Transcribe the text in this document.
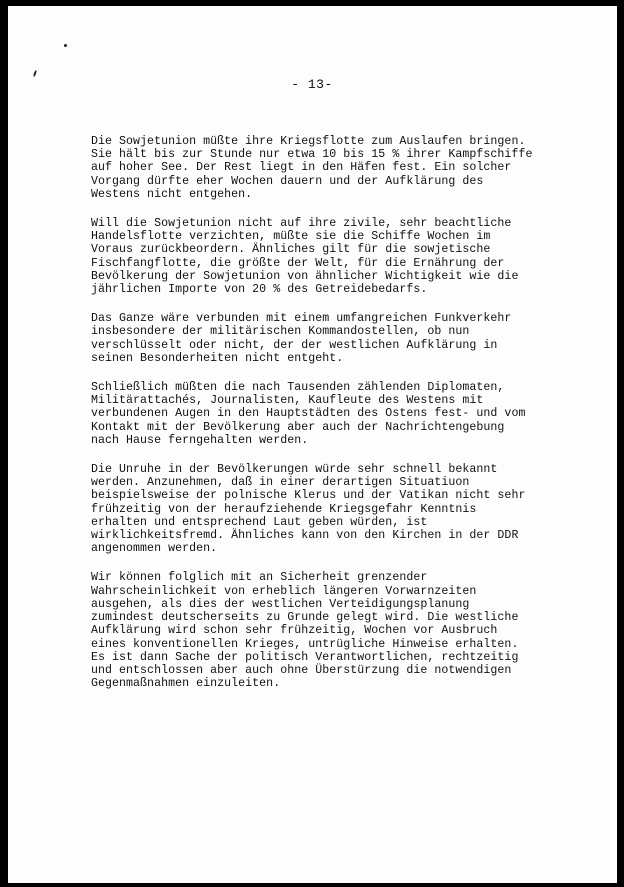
- 13-
Die Sowjetunion müßte ihre Kriegsflotte zum Auslaufen bringen.
Sie hält bis zur Stunde nur etwa 10 bis 15 % ihrer Kampfschiffe
auf hoher See. Der Rest liegt in den Häfen fest. Ein solcher
Vorgang dürfte eher Wochen dauern und der Aufklärung des
Westens nicht entgehen.
Will die Sowjetunion nicht auf ihre zivile, sehr beachtliche
Handelsflotte verzichten, müßte sie die Schiffe Wochen im
Voraus zurückbeordern. Ähnliches gilt für die sowjetische
Fischfangflotte, die größte der Welt, für die Ernährung der
Bevölkerung der Sowjetunion von ähnlicher Wichtigkeit wie die
jährlichen Importe von 20 % des Getreidebedarfs.
Das Ganze wäre verbunden mit einem umfangreichen Funkverkehr
insbesondere der militärischen Kommandostellen, ob nun
verschlüsselt oder nicht, der der westlichen Aufklärung in
seinen Besonderheiten nicht entgeht.
Schließlich müßten die nach Tausenden zählenden Diplomaten,
Militärattachés, Journalisten, Kaufleute des Westens mit
verbundenen Augen in den Hauptstädten des Ostens fest- und vom
Kontakt mit der Bevölkerung aber auch der Nachrichtengebung
nach Hause ferngehalten werden.
Die Unruhe in der Bevölkerungen würde sehr schnell bekannt
werden. Anzunehmen, daß in einer derartigen Situatiuon
beispielsweise der polnische Klerus und der Vatikan nicht sehr
frühzeitig von der heraufziehende Kriegsgefahr Kenntnis
erhalten und entsprechend Laut geben würden, ist
wirklichkeitsfremd. Ähnliches kann von den Kirchen in der DDR
angenommen werden.
Wir können folglich mit an Sicherheit grenzender
Wahrscheinlichkeit von erheblich längeren Vorwarnzeiten
ausgehen, als dies der westlichen Verteidigungsplanung
zumindest deutscherseits zu Grunde gelegt wird. Die westliche
Aufklärung wird schon sehr frühzeitig, Wochen vor Ausbruch
eines konventionellen Krieges, untrügliche Hinweise erhalten.
Es ist dann Sache der politisch Verantwortlichen, rechtzeitig
und entschlossen aber auch ohne Überstürzung die notwendigen
Gegenmaßnahmen einzuleiten.
